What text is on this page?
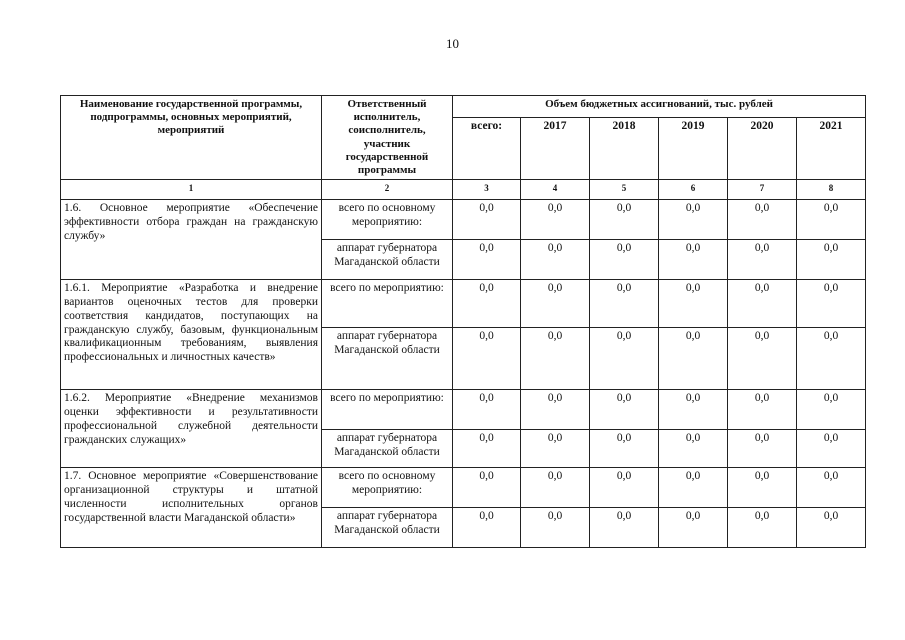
10
Наименование государственной программы, подпрограммы, основных мероприятий, мероприятий	Ответственный исполнитель, соисполнитель, участник государственной программы	Объем бюджетных ассигнований, тыс. рублей					
		всего:	2017	2018	2019	2020	2021
1	2	3	4	5	6	7	8
1.6. Основное мероприятие «Обеспечение эффективности отбора граждан на гражданскую службу»	всего по основному мероприятию:	0,0	0,0	0,0	0,0	0,0	0,0
	аппарат губернатора Магаданской области	0,0	0,0	0,0	0,0	0,0	0,0
1.6.1. Мероприятие «Разработка и внедрение вариантов оценочных тестов для проверки соответствия кандидатов, поступающих на гражданскую службу, базовым, функциональным квалификационным требованиям, выявления профессиональных и личностных качеств»	всего по мероприятию:	0,0	0,0	0,0	0,0	0,0	0,0
	аппарат губернатора Магаданской области	0,0	0,0	0,0	0,0	0,0	0,0
1.6.2. Мероприятие «Внедрение механизмов оценки эффективности и результативности профессиональной служебной деятельности гражданских служащих»	всего по мероприятию:	0,0	0,0	0,0	0,0	0,0	0,0
	аппарат губернатора Магаданской области	0,0	0,0	0,0	0,0	0,0	0,0
1.7. Основное мероприятие «Совершенствование организационной структуры и штатной численности исполнительных органов государственной власти Магаданской области»	всего по основному мероприятию:	0,0	0,0	0,0	0,0	0,0	0,0
	аппарат губернатора Магаданской области	0,0	0,0	0,0	0,0	0,0	0,0
